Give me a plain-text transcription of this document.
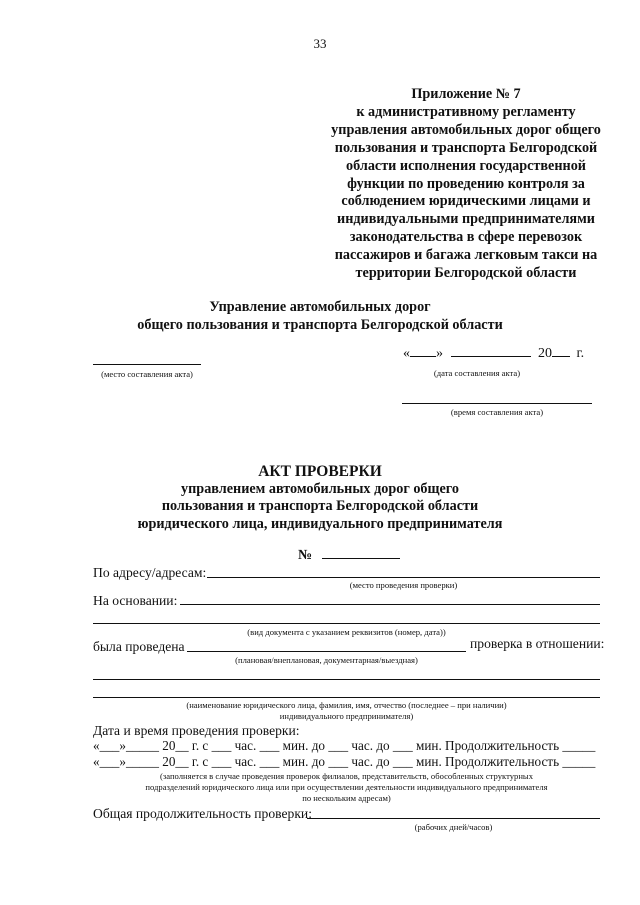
33
Приложение № 7
к административному регламенту
управления автомобильных дорог общего
пользования и транспорта Белгородской
области исполнения государственной
функции по проведению контроля за
соблюдением юридическими лицами и
индивидуальными предпринимателями
законодательства в сфере перевозок
пассажиров и багажа легковым такси на
территории Белгородской области
Управление автомобильных дорог
общего пользования и транспорта Белгородской области
(место составления акта)
« »	20 г.
(дата составления акта)
(время составления акта)
АКТ ПРОВЕРКИ
управлением автомобильных дорог общего
пользования и транспорта Белгородской области
юридического лица, индивидуального предпринимателя
№
По адресу/адресам:
(место проведения проверки)
На основании:
(вид документа с указанием реквизитов (номер, дата))
была проведена	проверка в отношении:
(плановая/внеплановая, документарная/выездная)
(наименование юридического лица, фамилия, имя, отчество (последнее – при наличии)
индивидуального предпринимателя)
Дата и время проведения проверки:
«___»_____ 20__ г. с ___ час. ___ мин. до ___ час. до ___ мин. Продолжительность _____
«___»_____ 20__ г. с ___ час. ___ мин. до ___ час. до ___ мин. Продолжительность _____
(заполняется в случае проведения проверок филиалов, представительств, обособленных структурных
подразделений юридического лица или при осуществлении деятельности индивидуального предпринимателя
по нескольким адресам)
Общая продолжительность проверки:
(рабочих дней/часов)
